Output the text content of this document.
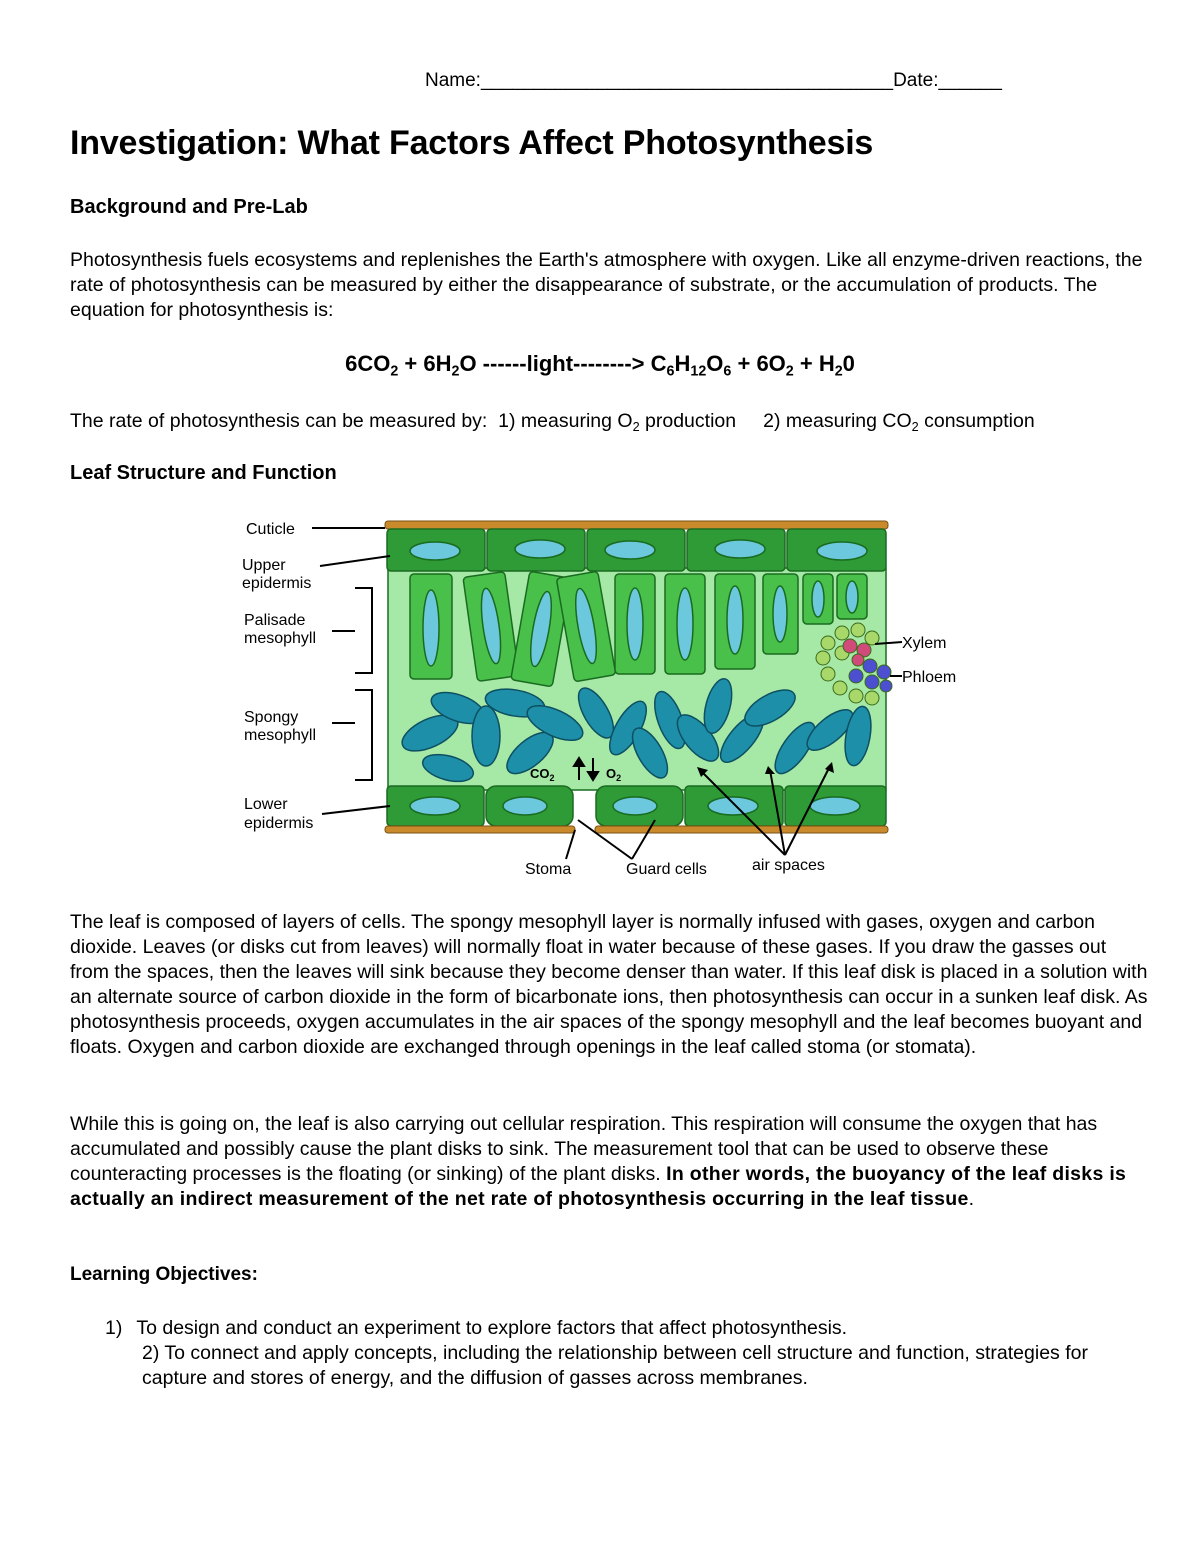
Name:_______________________________________Date:______
Investigation: What Factors Affect Photosynthesis
Background and Pre-Lab
Photosynthesis fuels ecosystems and replenishes the Earth's atmosphere with oxygen. Like all enzyme-driven reactions, the rate of photosynthesis can be measured by either the disappearance of substrate, or the accumulation of products. The equation for photosynthesis is:
$6CO_2 + 6H_2O$ ------light--------> $C_6H_{12}O_6 + 6O_2 + H_20$
The rate of photosynthesis can be measured by:  1) measuring $O_2$ production     2) measuring $CO_2$ consumption
Leaf Structure and Function
Cuticle
Upper
epidermis
Palisade
mesophyll
Spongy
mesophyll
Lower
epidermis
Xylem
Phloem
Stoma	Guard cells	air spaces
$CO_2$	$O_2$
The leaf is composed of layers of cells. The spongy mesophyll layer is normally infused with gases, oxygen and carbon dioxide. Leaves (or disks cut from leaves) will normally float in water because of these gases. If you draw the gasses out from the spaces, then the leaves will sink because they become denser than water. If this leaf disk is placed in a solution with an alternate source of carbon dioxide in the form of bicarbonate ions, then photosynthesis can occur in a sunken leaf disk. As photosynthesis proceeds, oxygen accumulates in the air spaces of the spongy mesophyll and the leaf becomes buoyant and floats. Oxygen and carbon dioxide are exchanged through openings in the leaf called stoma (or stomata).
While this is going on, the leaf is also carrying out cellular respiration. This respiration will consume the oxygen that has accumulated and possibly cause the plant disks to sink. The measurement tool that can be used to observe these counteracting processes is the floating (or sinking) of the plant disks. In other words, the buoyancy of the leaf disks is actually an indirect measurement of the net rate of photosynthesis occurring in the leaf tissue.
Learning Objectives:
1) To design and conduct an experiment to explore factors that affect photosynthesis.
2) To connect and apply concepts, including the relationship between cell structure and function, strategies for capture and stores of energy, and the diffusion of gasses across membranes.
